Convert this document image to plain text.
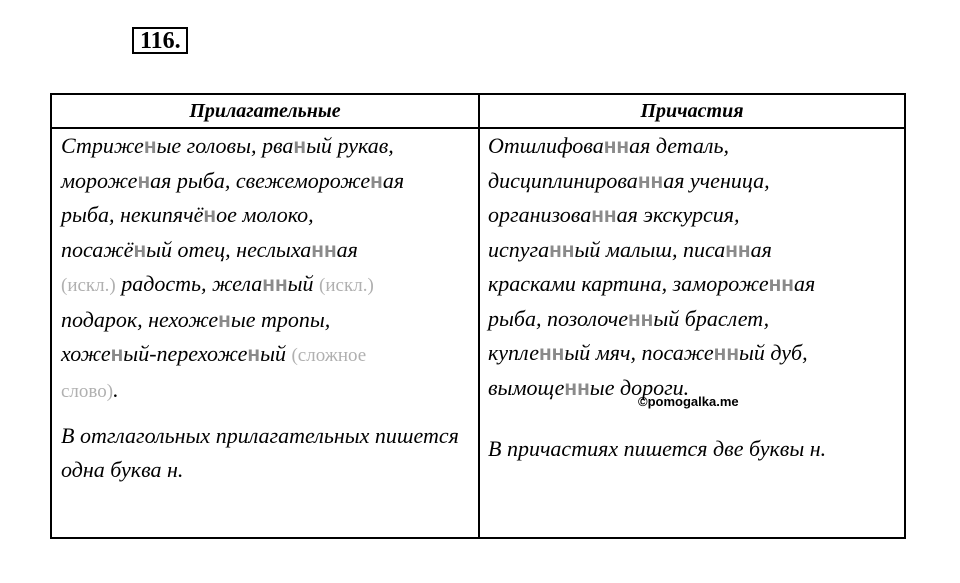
116.
Прилагательные	Причастия

Стриженые головы, рваный рукав,

мороженая рыба, свежемороженая

рыба, некипячёное молоко,

посажёный отец, неслыханная

(искл.) радость, желанный (искл.)

подарок, нехоженые тропы,

хоженый-перехоженый (сложное

слово).

В отглагольных прилагательных пишется одна буква н.

Отшлифованная деталь,

дисциплинированная ученица,

организованная экскурсия,

испуганный малыш, писанная

красками картина, замороженная

рыба, позолоченный браслет,

купленный мяч, посаженный дуб,

вымощенные дороги.

В причастиях пишется две буквы н.
©pomogalka.me
